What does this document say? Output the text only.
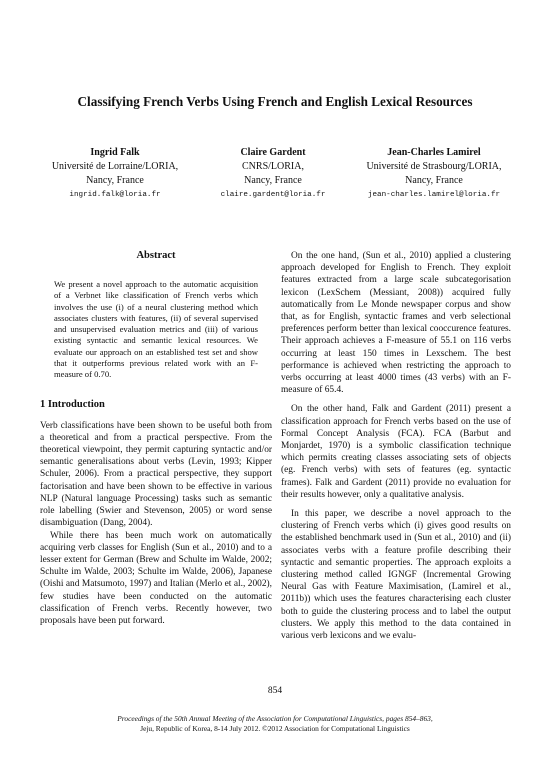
Classifying French Verbs Using French and English Lexical Resources
Ingrid Falk
Université de Lorraine/LORIA,
Nancy, France
ingrid.falk@loria.fr
Claire Gardent
CNRS/LORIA,
Nancy, France
claire.gardent@loria.fr
Jean-Charles Lamirel
Université de Strasbourg/LORIA,
Nancy, France
jean-charles.lamirel@loria.fr
Abstract

We present a novel approach to the automatic acquisition of a Verbnet like classification of French verbs which involves the use (i) of a neural clustering method which associates clusters with features, (ii) of several supervised and unsupervised evaluation metrics and (iii) of various existing syntactic and semantic lexical resources. We evaluate our approach on an established test set and show that it outperforms previous related work with an F-measure of 0.70.

1 Introduction

Verb classifications have been shown to be useful both from a theoretical and from a practical perspective. From the theoretical viewpoint, they permit capturing syntactic and/or semantic generalisations about verbs (Levin, 1993; Kipper Schuler, 2006). From a practical perspective, they support factorisation and have been shown to be effective in various NLP (Natural language Processing) tasks such as semantic role labelling (Swier and Stevenson, 2005) or word sense disambiguation (Dang, 2004).

While there has been much work on automatically acquiring verb classes for English (Sun et al., 2010) and to a lesser extent for German (Brew and Schulte im Walde, 2002; Schulte im Walde, 2003; Schulte im Walde, 2006), Japanese (Oishi and Matsumoto, 1997) and Italian (Merlo et al., 2002), few studies have been conducted on the automatic classification of French verbs. Recently however, two proposals have been put forward.

On the one hand, (Sun et al., 2010) applied a clustering approach developed for English to French. They exploit features extracted from a large scale subcategorisation lexicon (LexSchem (Messiant, 2008)) acquired fully automatically from Le Monde newspaper corpus and show that, as for English, syntactic frames and verb selectional preferences perform better than lexical cooccurence features. Their approach achieves a F-measure of 55.1 on 116 verbs occurring at least 150 times in Lexschem. The best performance is achieved when restricting the approach to verbs occurring at least 4000 times (43 verbs) with an F-measure of 65.4.

On the other hand, Falk and Gardent (2011) present a classification approach for French verbs based on the use of Formal Concept Analysis (FCA). FCA (Barbut and Monjardet, 1970) is a symbolic classification technique which permits creating classes associating sets of objects (eg. French verbs) with sets of features (eg. syntactic frames). Falk and Gardent (2011) provide no evaluation for their results however, only a qualitative analysis.

In this paper, we describe a novel approach to the clustering of French verbs which (i) gives good results on the established benchmark used in (Sun et al., 2010) and (ii) associates verbs with a feature profile describing their syntactic and semantic properties. The approach exploits a clustering method called IGNGF (Incremental Growing Neural Gas with Feature Maximisation, (Lamirel et al., 2011b)) which uses the features characterising each cluster both to guide the clustering process and to label the output clusters. We apply this method to the data contained in various verb lexicons and we evalu-

854
Proceedings of the 50th Annual Meeting of the Association for Computational Linguistics, pages 854–863,
Jeju, Republic of Korea, 8-14 July 2012. ©2012 Association for Computational Linguistics
